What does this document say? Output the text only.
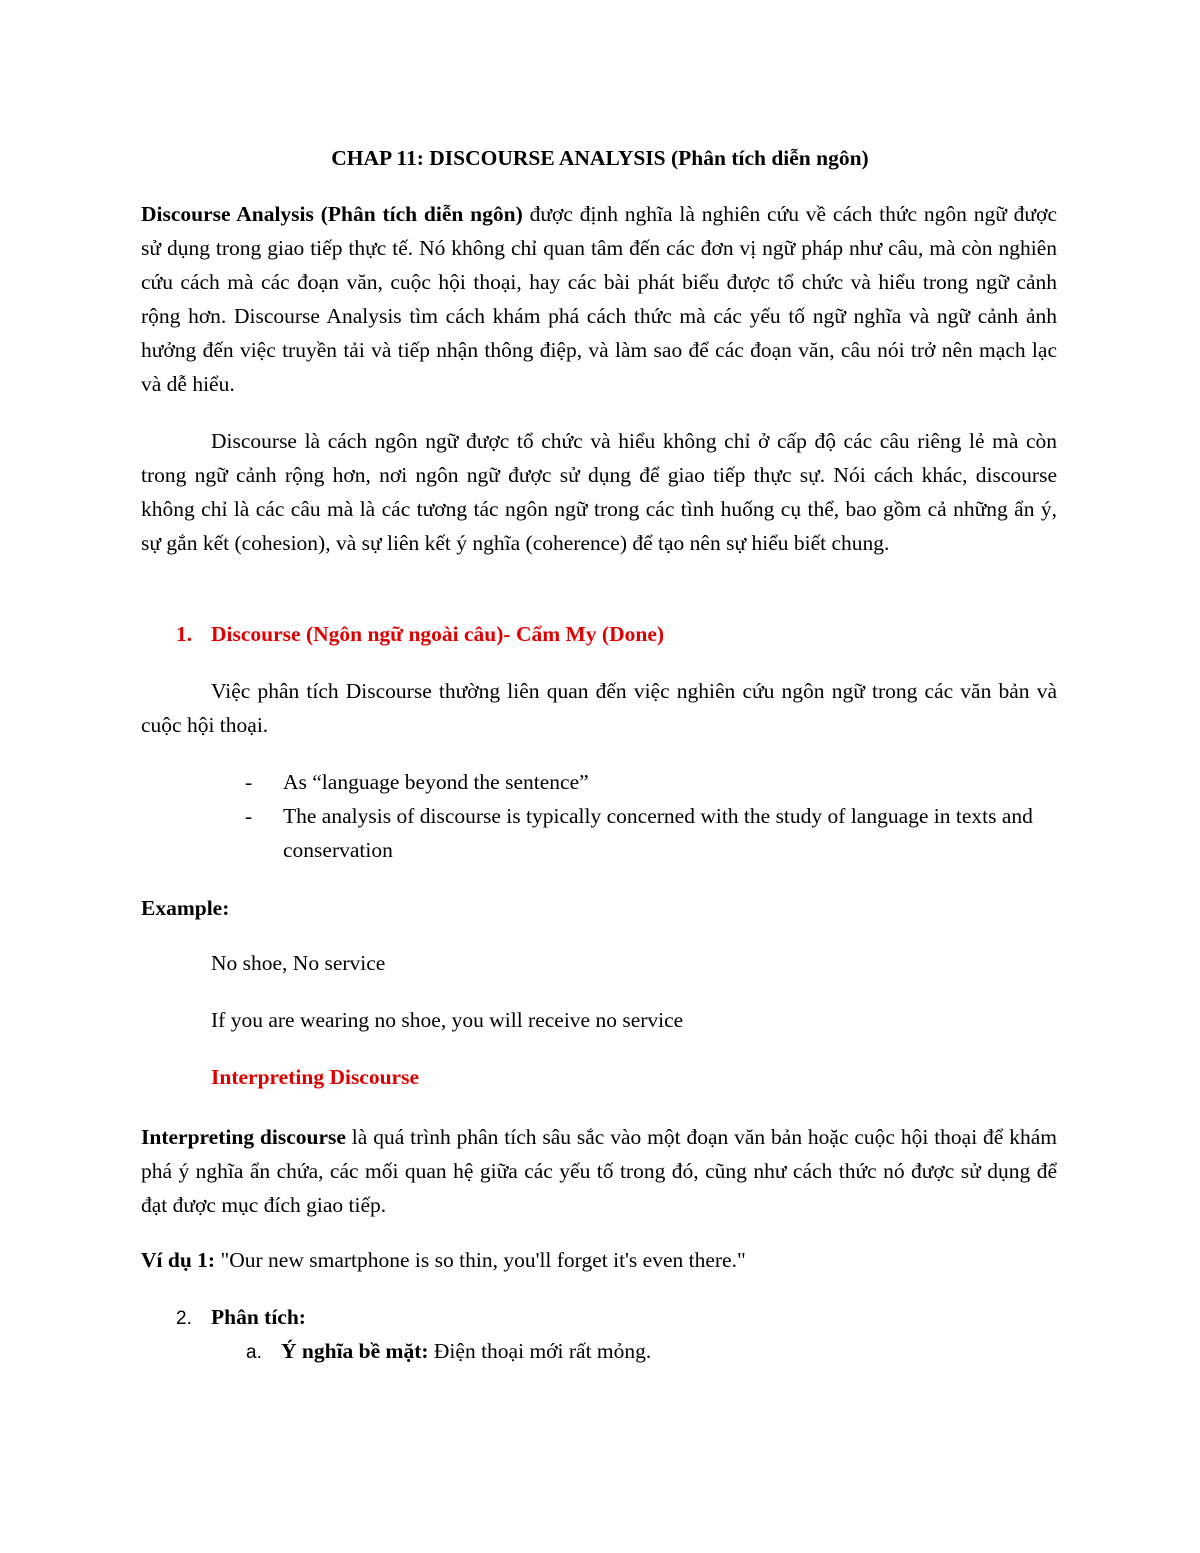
CHAP 11: DISCOURSE ANALYSIS (Phân tích diễn ngôn)

Discourse Analysis (Phân tích diễn ngôn) được định nghĩa là nghiên cứu về cách thức ngôn ngữ được sử dụng trong giao tiếp thực tế. Nó không chỉ quan tâm đến các đơn vị ngữ pháp như câu, mà còn nghiên cứu cách mà các đoạn văn, cuộc hội thoại, hay các bài phát biểu được tổ chức và hiểu trong ngữ cảnh rộng hơn. Discourse Analysis tìm cách khám phá cách thức mà các yếu tố ngữ nghĩa và ngữ cảnh ảnh hưởng đến việc truyền tải và tiếp nhận thông điệp, và làm sao để các đoạn văn, câu nói trở nên mạch lạc và dễ hiểu.

Discourse là cách ngôn ngữ được tổ chức và hiểu không chỉ ở cấp độ các câu riêng lẻ mà còn trong ngữ cảnh rộng hơn, nơi ngôn ngữ được sử dụng để giao tiếp thực sự. Nói cách khác, discourse không chỉ là các câu mà là các tương tác ngôn ngữ trong các tình huống cụ thể, bao gồm cả những ẩn ý, sự gắn kết (cohesion), và sự liên kết ý nghĩa (coherence) để tạo nên sự hiểu biết chung.

1. Discourse (Ngôn ngữ ngoài câu)- Cẩm My (Done)

Việc phân tích Discourse thường liên quan đến việc nghiên cứu ngôn ngữ trong các văn bản và cuộc hội thoại.

-	As “language beyond the sentence”
-	The analysis of discourse is typically concerned with the study of language in texts and conservation
Example:
No shoe, No service
If you are wearing no shoe, you will receive no service
Interpreting Discourse

Interpreting discourse là quá trình phân tích sâu sắc vào một đoạn văn bản hoặc cuộc hội thoại để khám phá ý nghĩa ẩn chứa, các mối quan hệ giữa các yếu tố trong đó, cũng như cách thức nó được sử dụng để đạt được mục đích giao tiếp.

Ví dụ 1: "Our new smartphone is so thin, you'll forget it's even there."
2. Phân tích:
a. Ý nghĩa bề mặt: Điện thoại mới rất mỏng.
